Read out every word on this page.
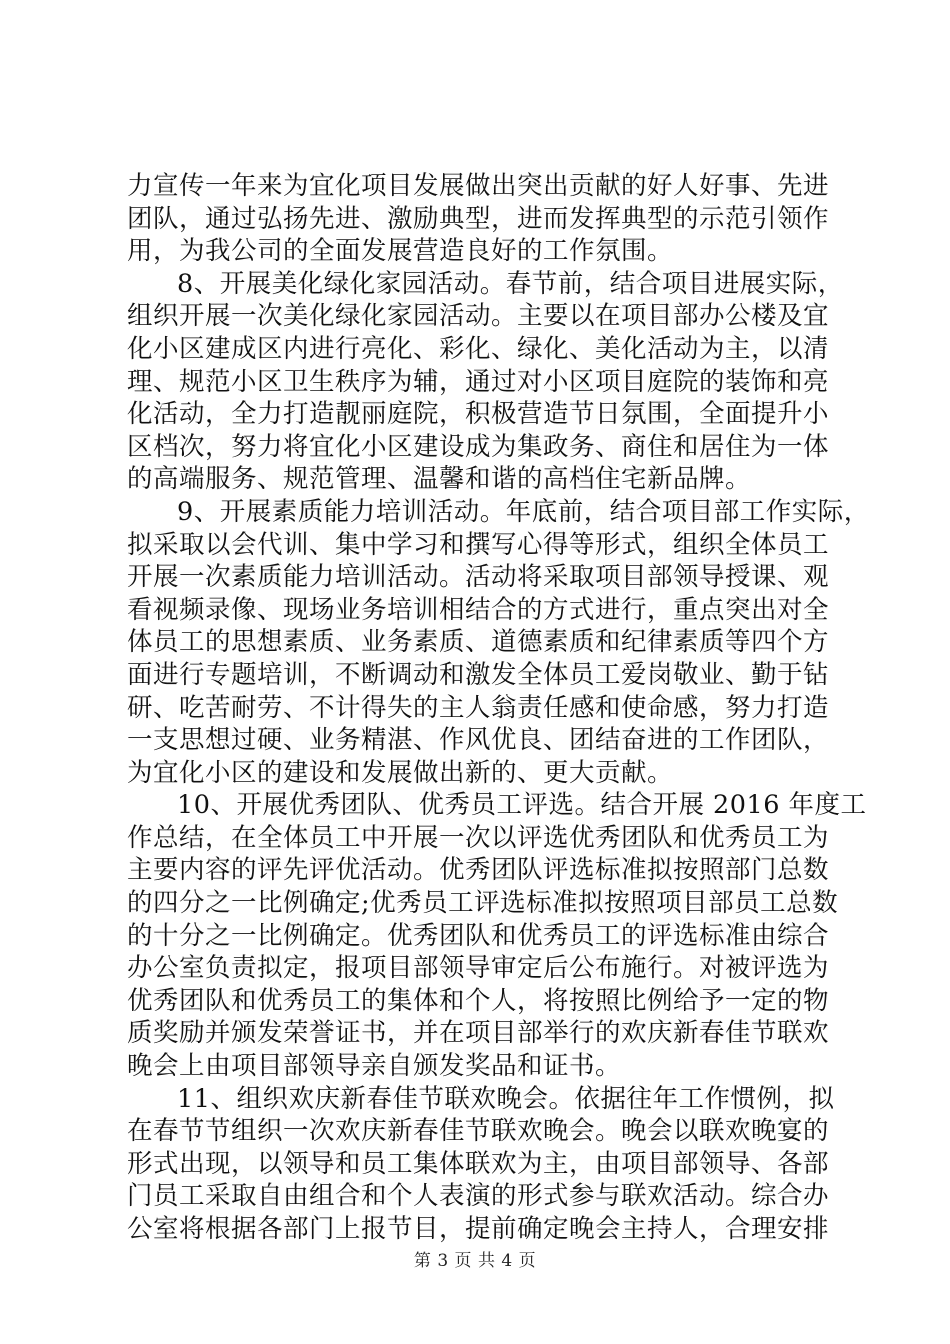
力宣传一年来为宜化项目发展做出突出贡献的好人好事、先进
团队，通过弘扬先进、激励典型，进而发挥典型的示范引领作
用，为我公司的全面发展营造良好的工作氛围。
8、开展美化绿化家园活动。春节前，结合项目进展实际，
组织开展一次美化绿化家园活动。主要以在项目部办公楼及宜
化小区建成区内进行亮化、彩化、绿化、美化活动为主，以清
理、规范小区卫生秩序为辅，通过对小区项目庭院的装饰和亮
化活动，全力打造靓丽庭院，积极营造节日氛围，全面提升小
区档次，努力将宜化小区建设成为集政务、商住和居住为一体
的高端服务、规范管理、温馨和谐的高档住宅新品牌。
9、开展素质能力培训活动。年底前，结合项目部工作实际，
拟采取以会代训、集中学习和撰写心得等形式，组织全体员工
开展一次素质能力培训活动。活动将采取项目部领导授课、观
看视频录像、现场业务培训相结合的方式进行，重点突出对全
体员工的思想素质、业务素质、道德素质和纪律素质等四个方
面进行专题培训，不断调动和激发全体员工爱岗敬业、勤于钻
研、吃苦耐劳、不计得失的主人翁责任感和使命感，努力打造
一支思想过硬、业务精湛、作风优良、团结奋进的工作团队，
为宜化小区的建设和发展做出新的、更大贡献。
10、开展优秀团队、优秀员工评选。结合开展 2016 年度工
作总结，在全体员工中开展一次以评选优秀团队和优秀员工为
主要内容的评先评优活动。优秀团队评选标准拟按照部门总数
的四分之一比例确定;优秀员工评选标准拟按照项目部员工总数
的十分之一比例确定。优秀团队和优秀员工的评选标准由综合
办公室负责拟定，报项目部领导审定后公布施行。对被评选为
优秀团队和优秀员工的集体和个人，将按照比例给予一定的物
质奖励并颁发荣誉证书，并在项目部举行的欢庆新春佳节联欢
晚会上由项目部领导亲自颁发奖品和证书。
11、组织欢庆新春佳节联欢晚会。依据往年工作惯例，拟
在春节节组织一次欢庆新春佳节联欢晚会。晚会以联欢晚宴的
形式出现，以领导和员工集体联欢为主，由项目部领导、各部
门员工采取自由组合和个人表演的形式参与联欢活动。综合办
公室将根据各部门上报节目，提前确定晚会主持人，合理安排
第 3 页 共 4 页
